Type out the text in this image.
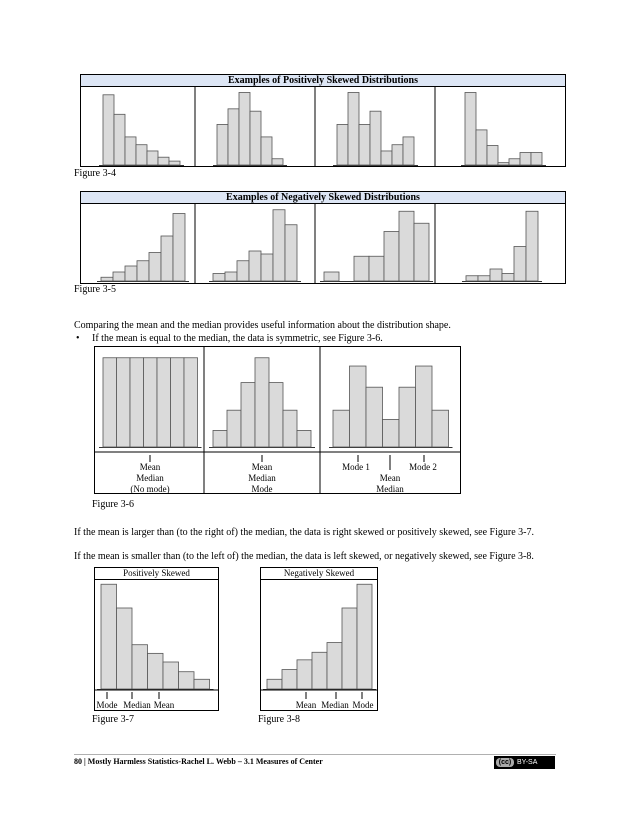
Examples of Positively Skewed Distributions
Figure 3-4
Examples of Negatively Skewed Distributions
Figure 3-5
Comparing the mean and the median provides useful information about the distribution shape.
• If the mean is equal to the median, the data is symmetric, see Figure 3-6.
Figure 3-6
Mean
Median
(No mode)
Mean
Median
Mode
Mode 1	Mode 2
Mean
Median
If the mean is larger than (to the right of) the median, the data is right skewed or positively skewed, see Figure 3-7.
If the mean is smaller than (to the left of) the median, the data is left skewed, or negatively skewed, see Figure 3-8.
Positively Skewed
Mode Median Mean
Figure 3-7
Negatively Skewed
Mean Median Mode
Figure 3-8
80 | Mostly Harmless Statistics-Rachel L. Webb – 3.1 Measures of Center	(cc) BY-SA
